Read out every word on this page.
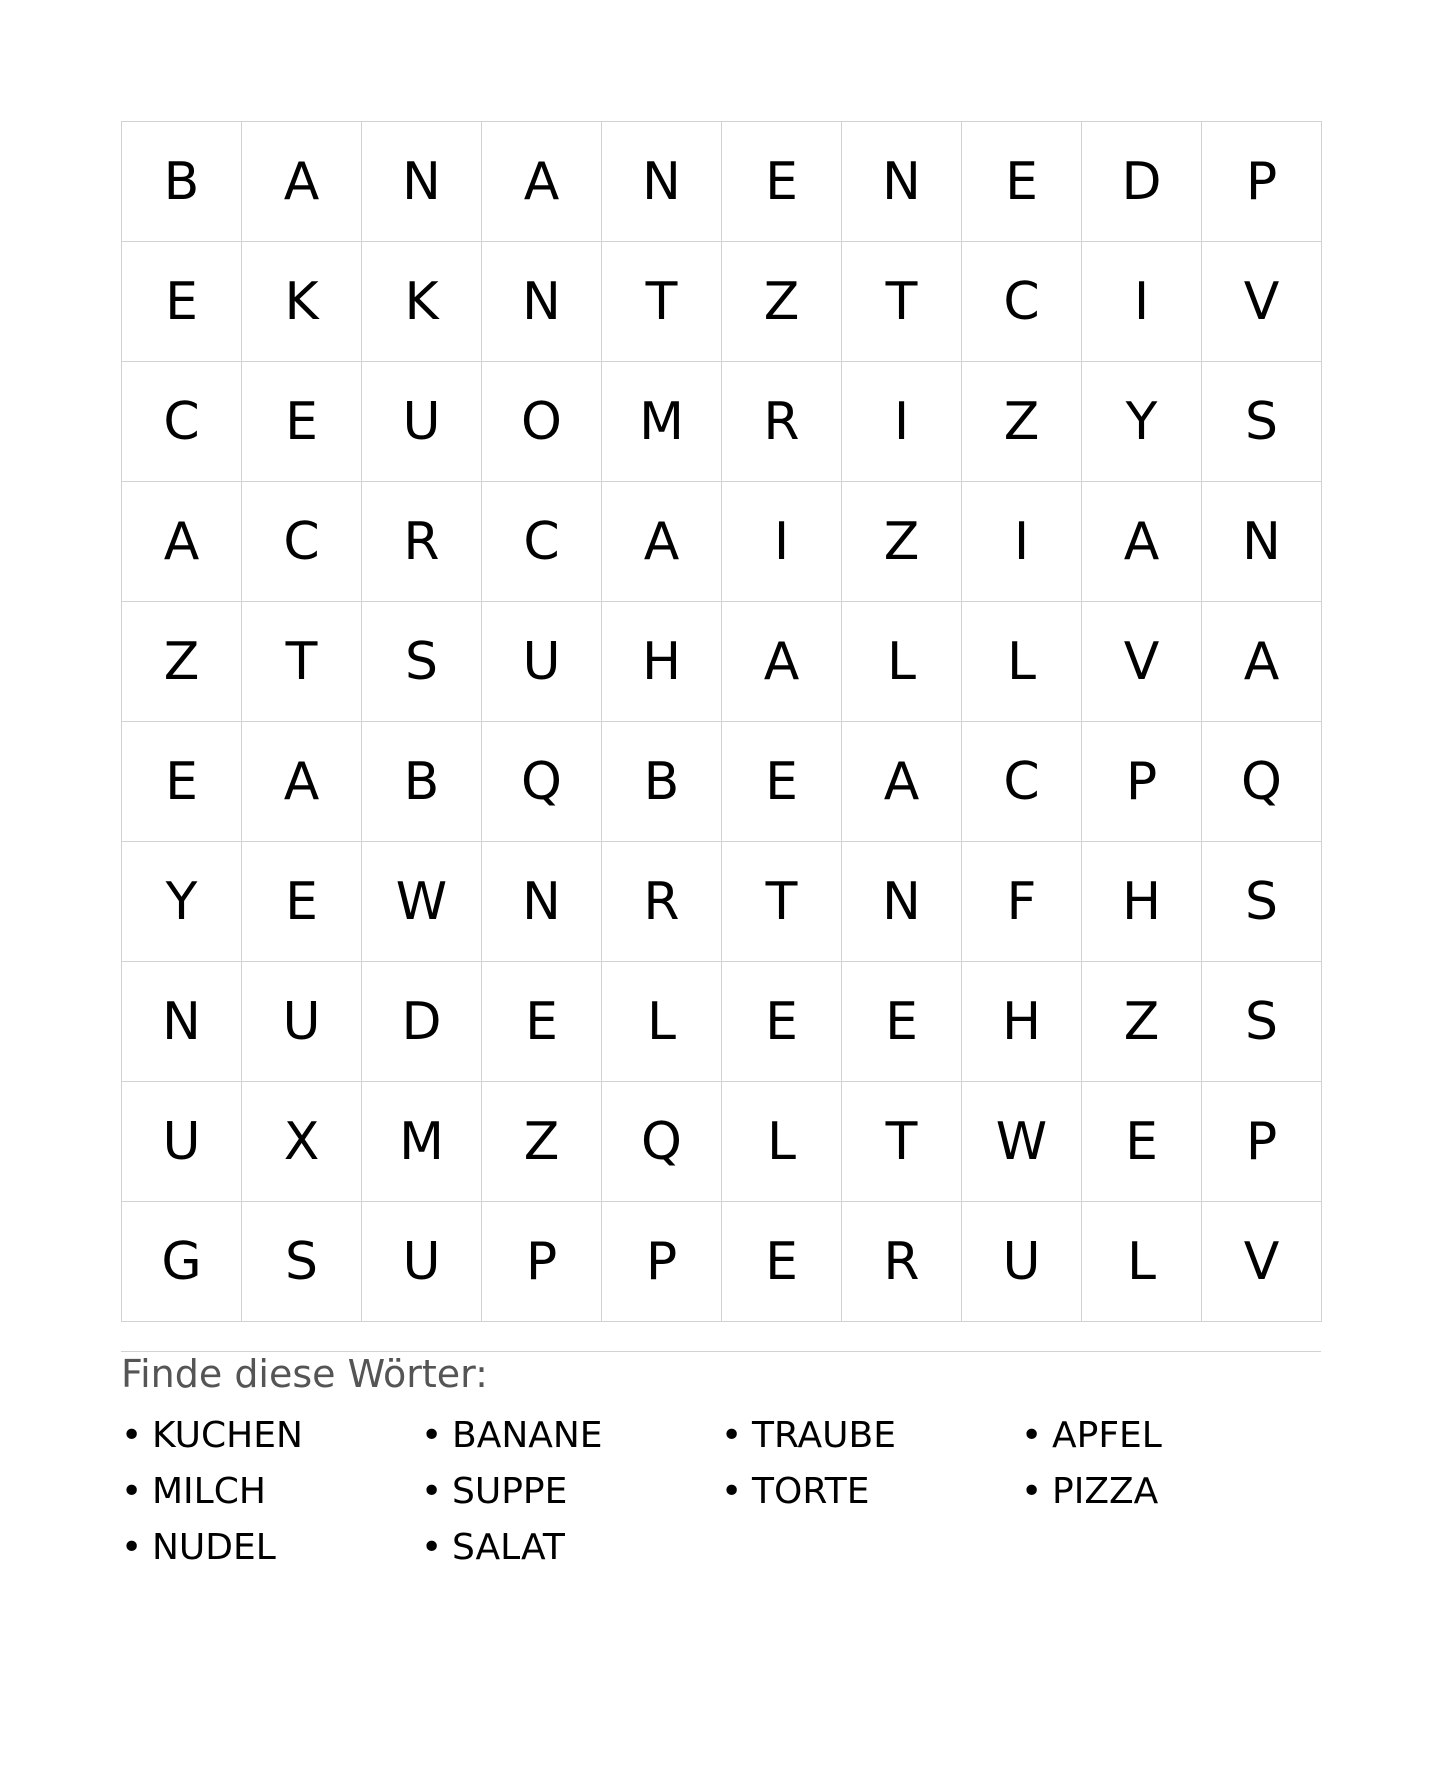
B	A	N	A	N	E	N	E	D	P
E	K	K	N	T	Z	T	C	I	V
C	E	U	O	M	R	I	Z	Y	S
A	C	R	C	A	I	Z	I	A	N
Z	T	S	U	H	A	L	L	V	A
E	A	B	Q	B	E	A	C	P	Q
Y	E	W	N	R	T	N	F	H	S
N	U	D	E	L	E	E	H	Z	S
U	X	M	Z	Q	L	T	W	E	P
G	S	U	P	P	E	R	U	L	V
Finde diese Wörter:
• KUCHEN	• BANANE	• TRAUBE	• APFEL
• MILCH	• SUPPE	• TORTE	• PIZZA
• NUDEL	• SALAT
